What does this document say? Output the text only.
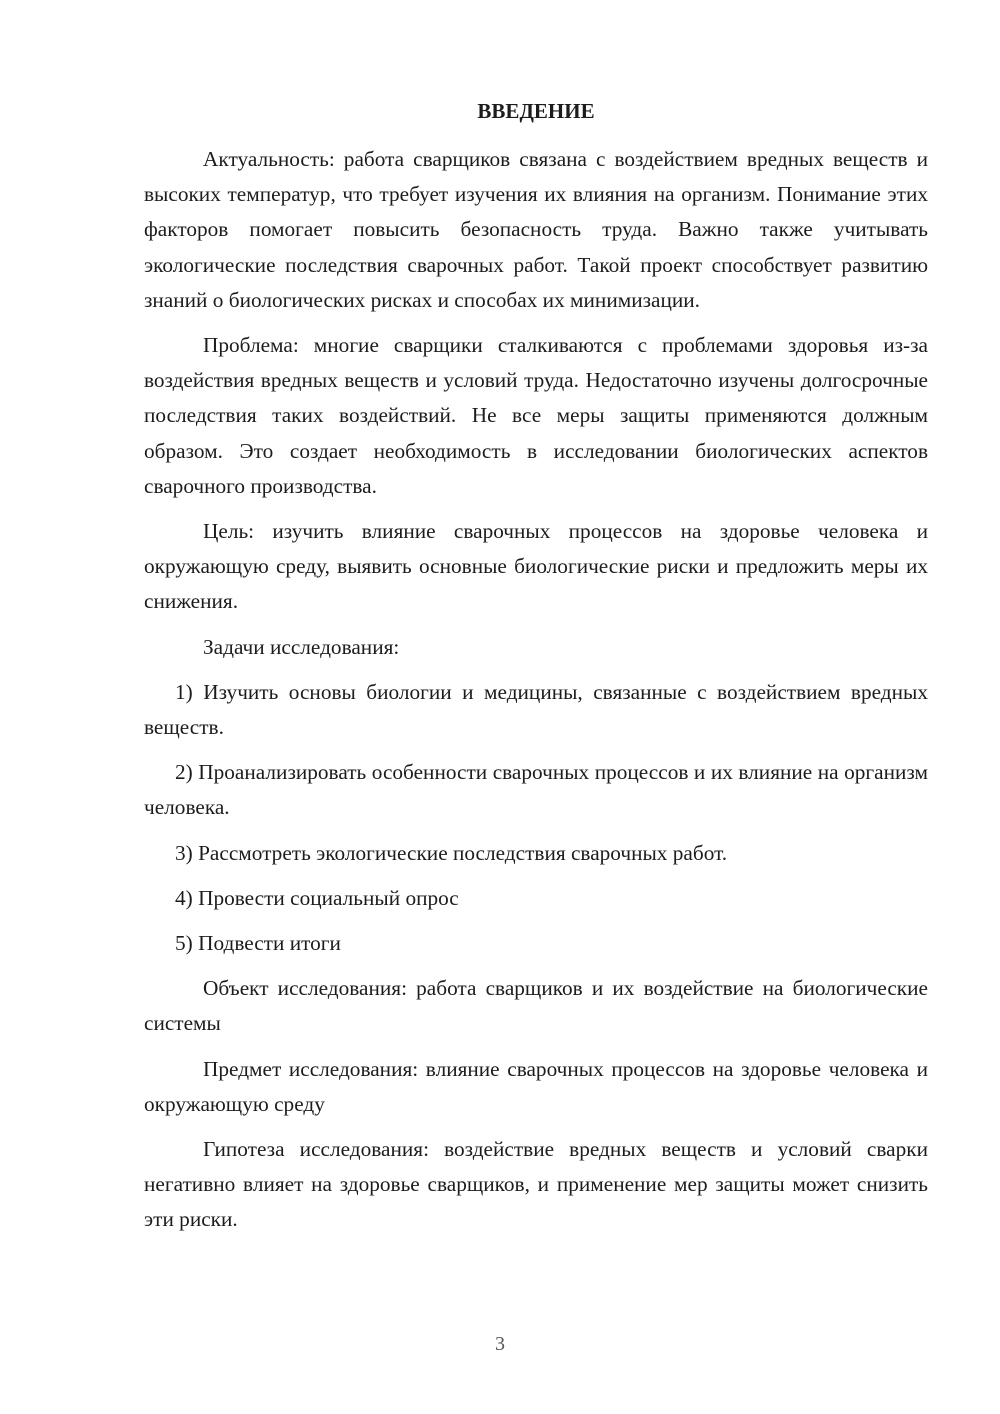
ВВЕДЕНИЕ

Актуальность: работа сварщиков связана с воздействием вредных веществ и высоких температур, что требует изучения их влияния на организм. Понимание этих факторов помогает повысить безопасность труда. Важно также учитывать экологические последствия сварочных работ. Такой проект способствует развитию знаний о биологических рисках и способах их минимизации.

Проблема: многие сварщики сталкиваются с проблемами здоровья из-за воздействия вредных веществ и условий труда. Недостаточно изучены долгосрочные последствия таких воздействий. Не все меры защиты применяются должным образом. Это создает необходимость в исследовании биологических аспектов сварочного производства.

Цель: изучить влияние сварочных процессов на здоровье человека и окружающую среду, выявить основные биологические риски и предложить меры их снижения.

Задачи исследования:

1) Изучить основы биологии и медицины, связанные с воздействием вредных веществ.

2) Проанализировать особенности сварочных процессов и их влияние на организм человека.

3) Рассмотреть экологические последствия сварочных работ.

4) Провести социальный опрос

5) Подвести итоги

Объект исследования: работа сварщиков и их воздействие на биологические системы

Предмет исследования: влияние сварочных процессов на здоровье человека и окружающую среду

Гипотеза исследования: воздействие вредных веществ и условий сварки негативно влияет на здоровье сварщиков, и применение мер защиты может снизить эти риски.

3
